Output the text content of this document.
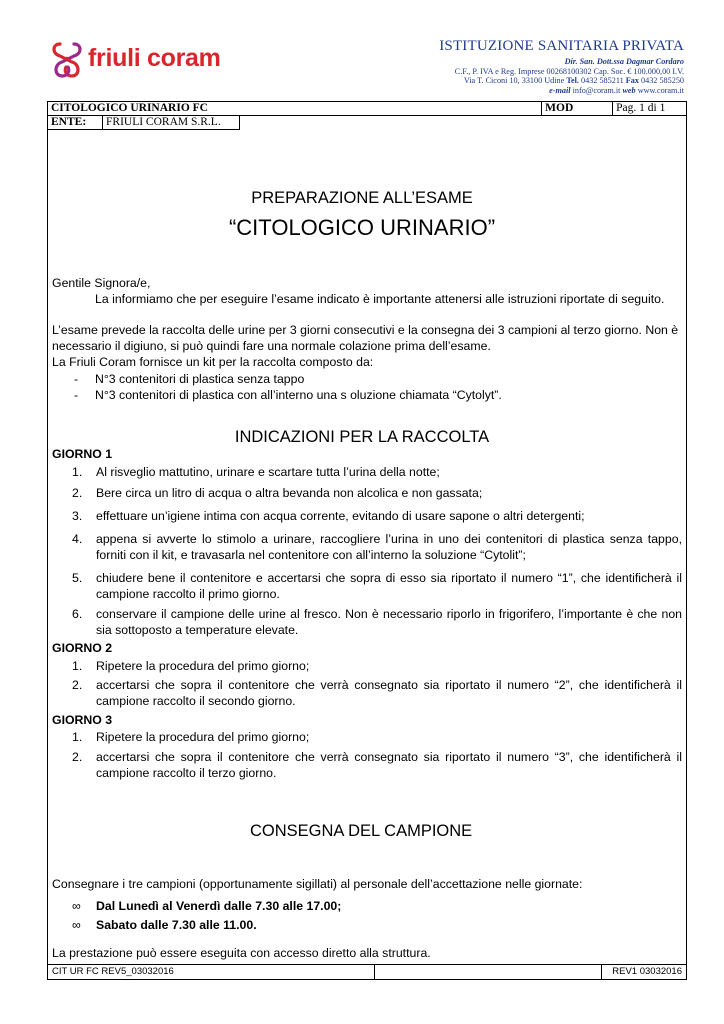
friuli coram	ISTITUZIONE SANITARIA PRIVATA
Dir. San. Dott.ssa Dagmar Cordaro
C.F., P. IVA e Reg. Imprese 00268100302 Cap. Soc. € 100.000,00 I.V.
Via T. Ciconi 10, 33100 Udine Tel. 0432 585211 Fax 0432 585250
e-mail info@coram.it web www.coram.it
CITOLOGICO URINARIO FC			MOD	Pag. 1 di 1
ENTE:	FRIULI CORAM S.R.L.			
PREPARAZIONE ALL’ESAME
“CITOLOGICO URINARIO”
Gentile Signora/e,
La informiamo che per eseguire l’esame indicato è importante attenersi alle istruzioni riportate di seguito.
L’esame prevede la raccolta delle urine per 3 giorni consecutivi e la consegna dei 3 campioni al terzo giorno. Non è
necessario il digiuno, si può quindi fare una normale colazione prima dell’esame.
La Friuli Coram fornisce un kit per la raccolta composto da:
- N°3 contenitori di plastica senza tappo
- N°3 contenitori di plastica con all’interno una s oluzione chiamata “Cytolyt”.
INDICAZIONI PER LA RACCOLTA
GIORNO 1
1. Al risveglio mattutino, urinare e scartare tutta l’urina della notte;
2. Bere circa un litro di acqua o altra bevanda non alcolica e non gassata;
3. effettuare un’igiene intima con acqua corrente, evitando di usare sapone o altri detergenti;
4. appena si avverte lo stimolo a urinare, raccogliere l’urina in uno dei contenitori di plastica senza tappo, forniti con il kit, e travasarla nel contenitore con all’interno la soluzione “Cytolit”;
5. chiudere bene il contenitore e accertarsi che sopra di esso sia riportato il numero “1”, che identificherà il campione raccolto il primo giorno.
6. conservare il campione delle urine al fresco. Non è necessario riporlo in frigorifero, l’importante è che non sia sottoposto a temperature elevate.
GIORNO 2
1. Ripetere la procedura del primo giorno;
2. accertarsi che sopra il contenitore che verrà consegnato sia riportato il numero “2”, che identificherà il campione raccolto il secondo giorno.
GIORNO 3
1. Ripetere la procedura del primo giorno;
2. accertarsi che sopra il contenitore che verrà consegnato sia riportato il numero “3”, che identificherà il campione raccolto il terzo giorno.
CONSEGNA DEL CAMPIONE
Consegnare i tre campioni (opportunamente sigillati) al personale dell’accettazione nelle giornate:
∞ Dal Lunedì al Venerdì dalle 7.30 alle 17.00;
∞ Sabato dalle 7.30 alle 11.00.
La prestazione può essere eseguita con accesso diretto alla struttura.
CIT UR FC REV5_03032016		REV1 03032016
